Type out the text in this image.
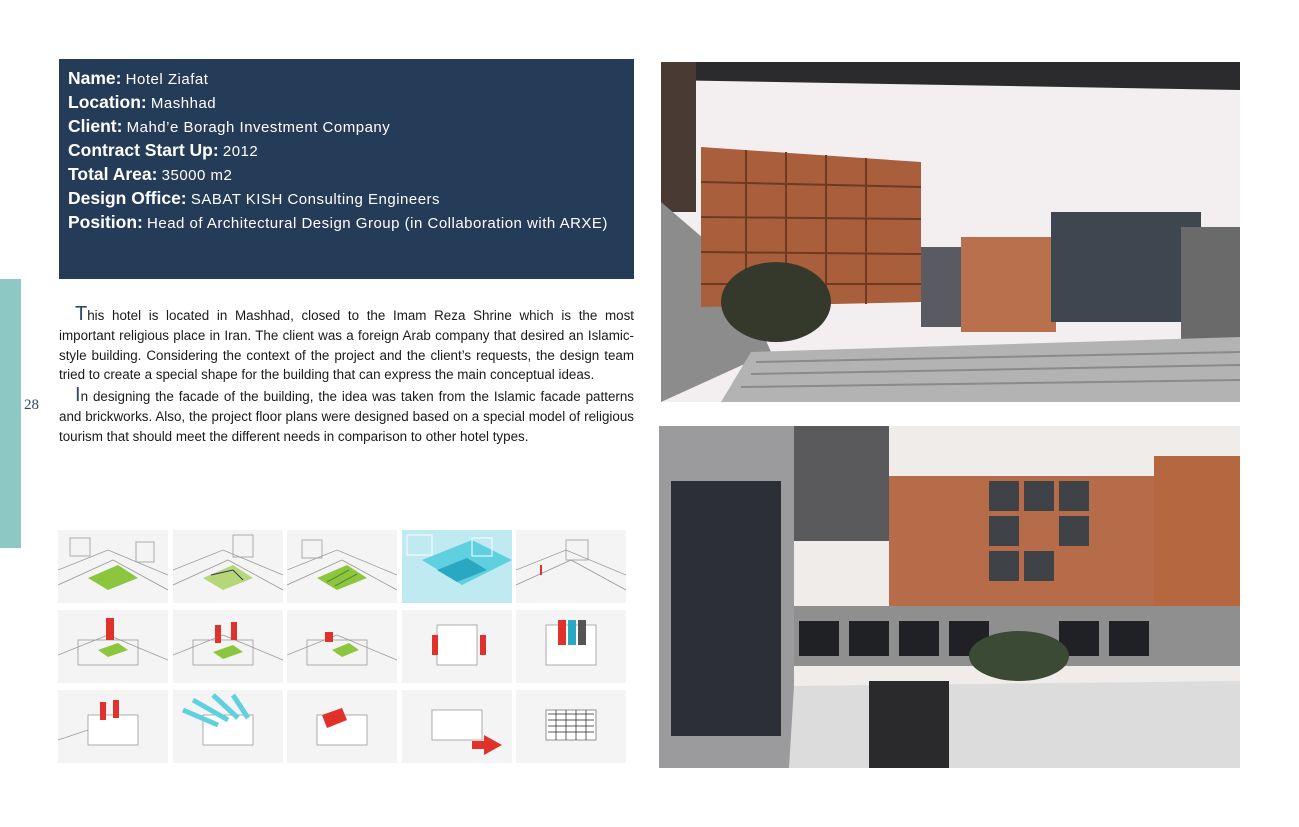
28
Name: Hotel Ziafat
Location: Mashhad
Client: Mahd’e Boragh Investment Company
Contract Start Up: 2012
Total Area: 35000 m2
Design Office: SABAT KISH Consulting Engineers
Position: Head of Architectural Design Group (in Collaboration with ARXE)

This hotel is located in Mashhad, closed to the Imam Reza Shrine which is the most important religious place in Iran. The client was a foreign Arab company that desired an Islamic-style building. Considering the context of the project and the client’s requests, the design team tried to create a special shape for the building that can express the main conceptual ideas.

In designing the facade of the building, the idea was taken from the Islamic facade patterns and brickworks. Also, the project floor plans were designed based on a special model of religious tourism that should meet the different needs in comparison to other hotel types.
